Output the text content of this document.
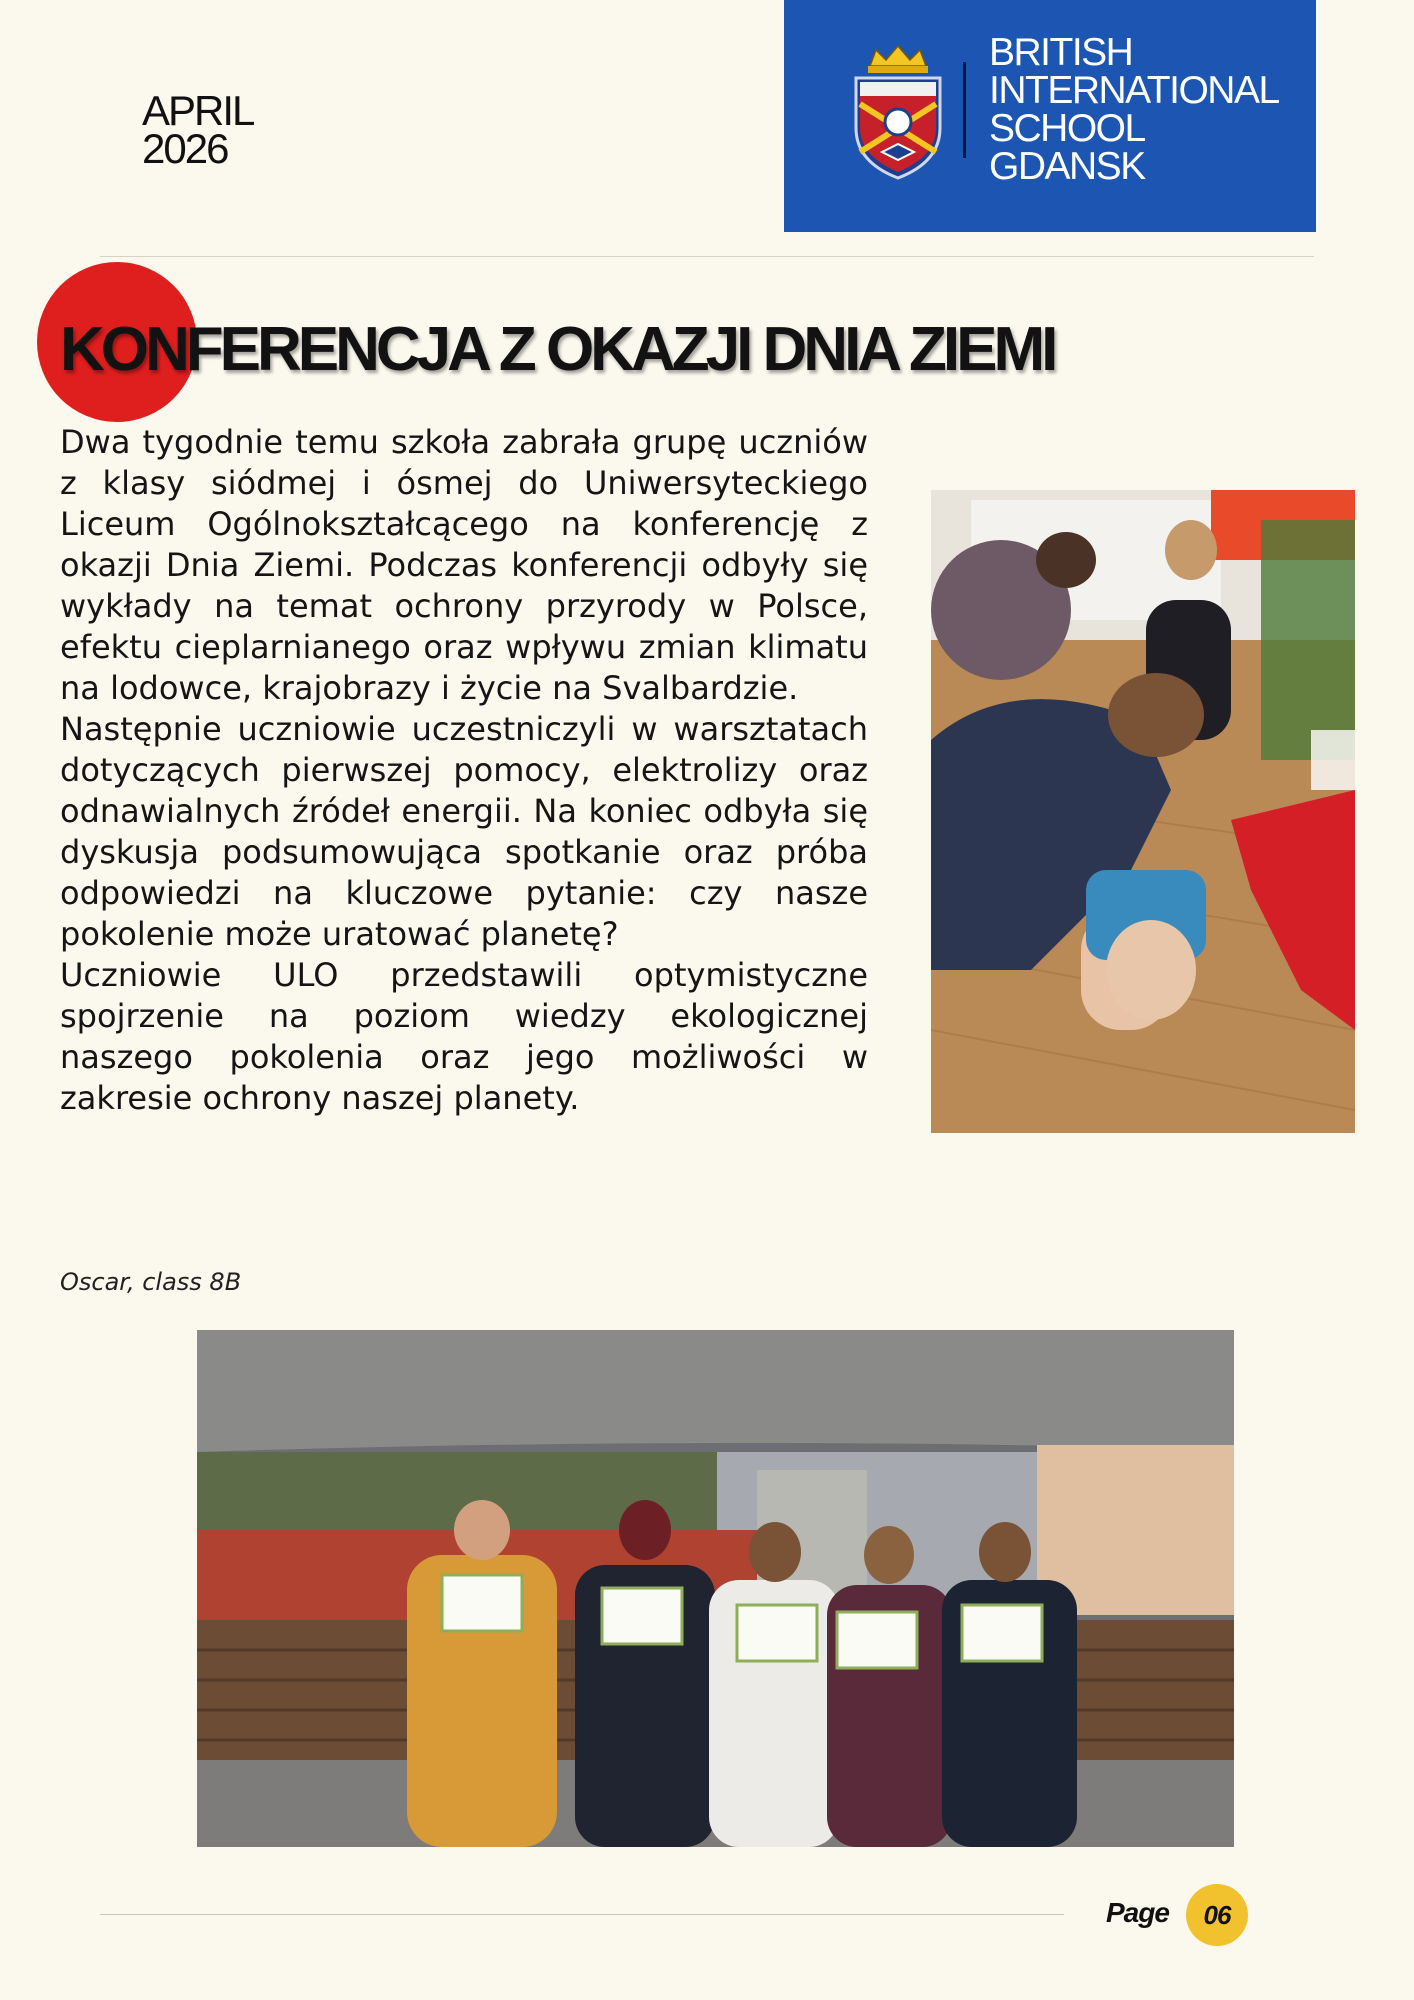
APRIL
2026
BRITISH
INTERNATIONAL
SCHOOL
GDANSK
KONFERENCJA Z OKAZJI DNIA ZIEMI

Dwa tygodnie temu szkoła zabrała grupę uczniów z klasy siódmej i ósmej do Uniwersyteckiego Liceum Ogólnokształcącego na konferencję z okazji Dnia Ziemi. Podczas konferencji odbyły się wykłady na temat ochrony przyrody w Polsce, efektu cieplarnianego oraz wpływu zmian klimatu na lodowce, krajobrazy i życie na Svalbardzie.

Następnie uczniowie uczestniczyli w warsztatach dotyczących pierwszej pomocy, elektrolizy oraz odnawialnych źródeł energii. Na koniec odbyła się dyskusja podsumowująca spotkanie oraz próba odpowiedzi na kluczowe pytanie: czy nasze pokolenie może uratować planetę?

Uczniowie ULO przedstawili optymistyczne spojrzenie na poziom wiedzy ekologicznej naszego pokolenia oraz jego możliwości w zakresie ochrony naszej planety.

Oscar, class 8B
Page	06
